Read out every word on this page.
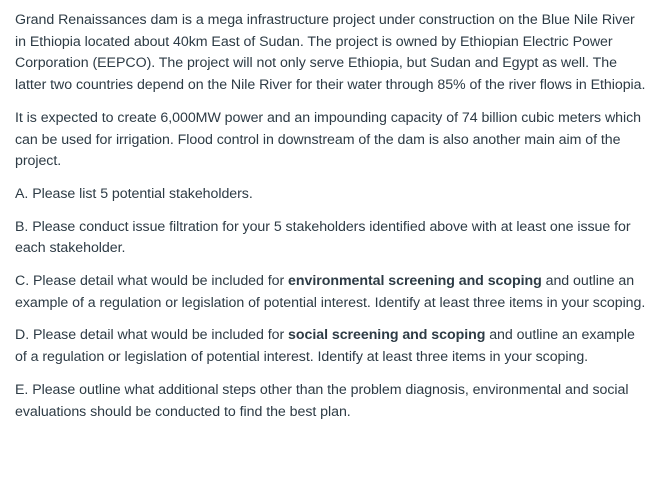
Grand Renaissances dam is a mega infrastructure project under construction on the Blue Nile River in Ethiopia located about 40km East of Sudan. The project is owned by Ethiopian Electric Power Corporation (EEPCO). The project will not only serve Ethiopia, but Sudan and Egypt as well. The latter two countries depend on the Nile River for their water through 85% of the river flows in Ethiopia.

It is expected to create 6,000MW power and an impounding capacity of 74 billion cubic meters which can be used for irrigation. Flood control in downstream of the dam is also another main aim of the project.

A. Please list 5 potential stakeholders.

B. Please conduct issue filtration for your 5 stakeholders identified above with at least one issue for each stakeholder.

C. Please detail what would be included for environmental screening and scoping and outline an example of a regulation or legislation of potential interest. Identify at least three items in your scoping.

D. Please detail what would be included for social screening and scoping and outline an example of a regulation or legislation of potential interest. Identify at least three items in your scoping.

E. Please outline what additional steps other than the problem diagnosis, environmental and social evaluations should be conducted to find the best plan.
